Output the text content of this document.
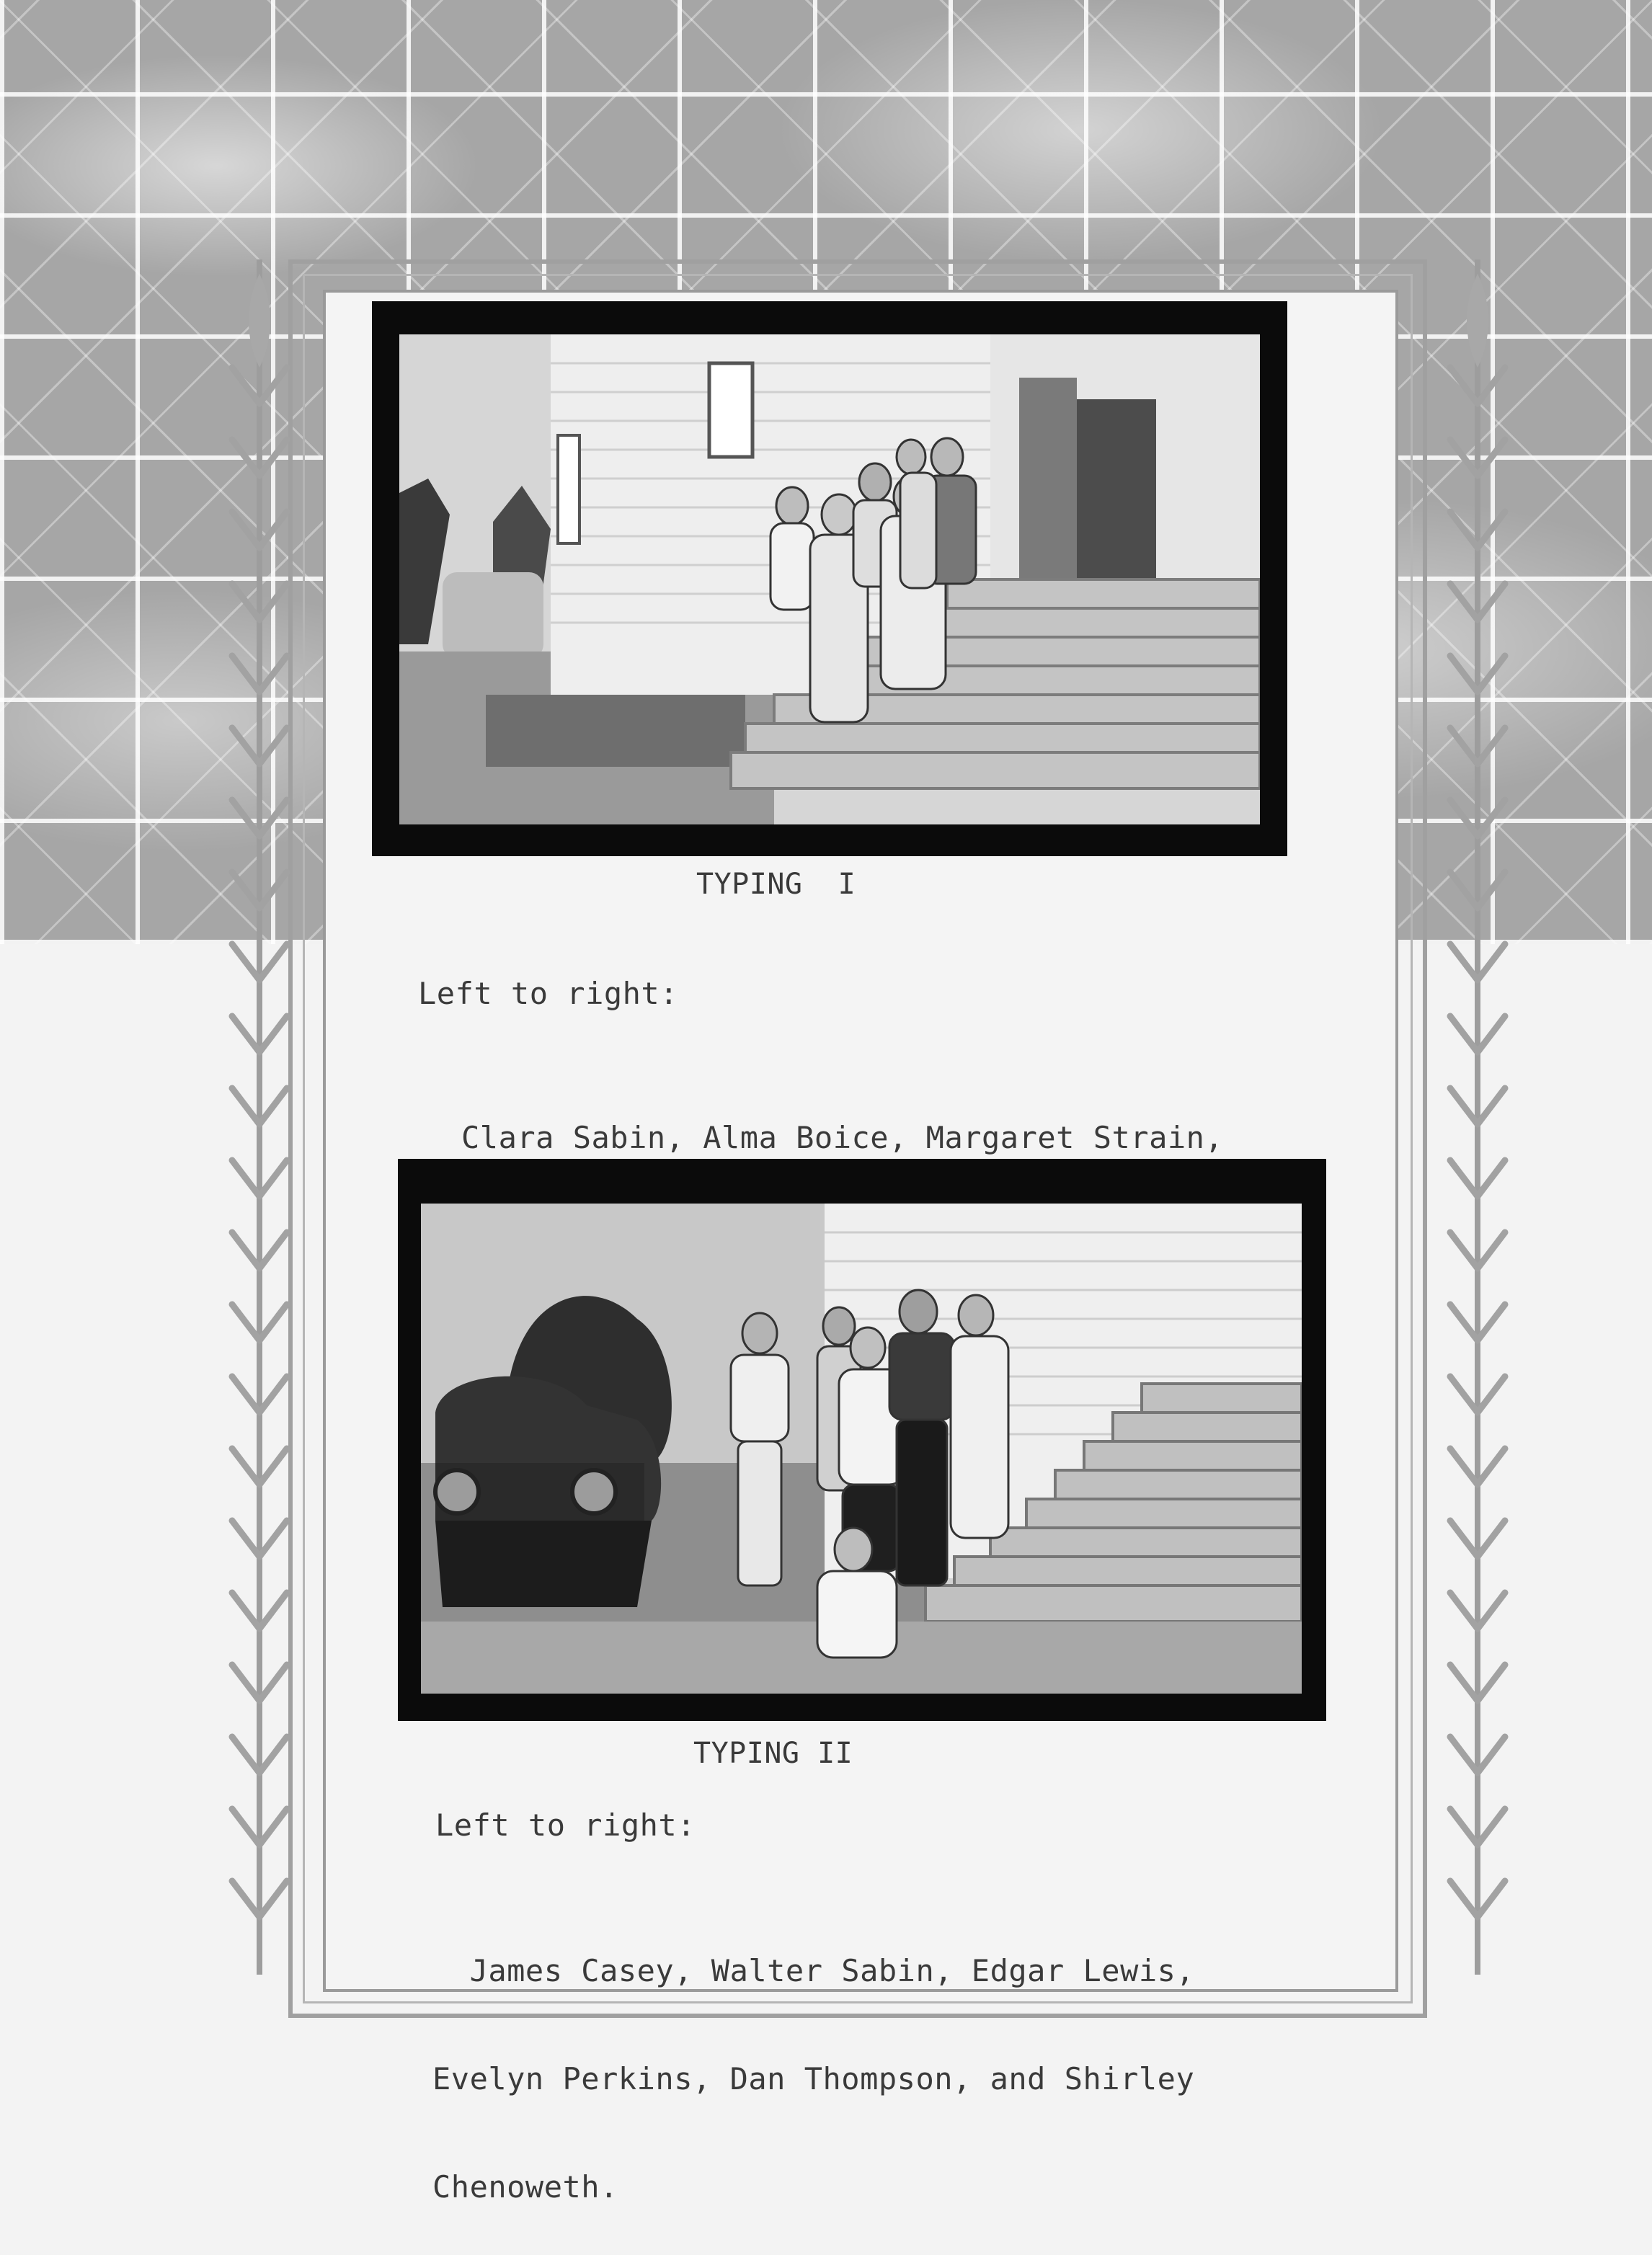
TYPING  I
Left to right:

Clara Sabin, Alma Boice, Margaret Strain,

TYPING II
Left to right:

James Casey, Walter Sabin, Edgar Lewis,

Evelyn Perkins, Dan Thompson, and Shirley

Chenoweth.
